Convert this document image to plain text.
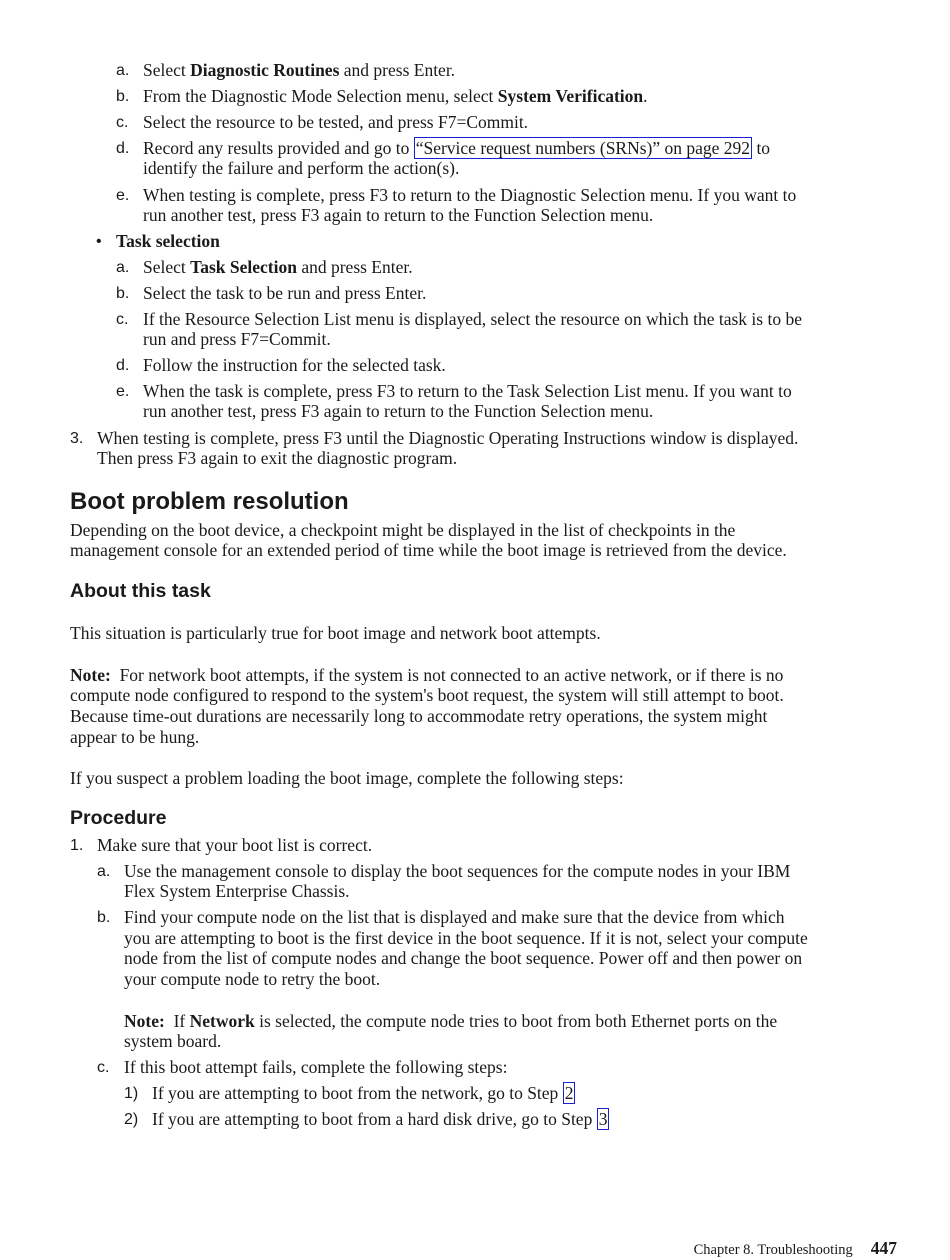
a. Select Diagnostic Routines and press Enter.
b. From the Diagnostic Mode Selection menu, select System Verification.
c. Select the resource to be tested, and press F7=Commit.
d. Record any results provided and go to “Service request numbers (SRNs)” on page 292 to
identify the failure and perform the action(s).
e. When testing is complete, press F3 to return to the Diagnostic Selection menu. If you want to
run another test, press F3 again to return to the Function Selection menu.
• Task selection
a. Select Task Selection and press Enter.
b. Select the task to be run and press Enter.
c. If the Resource Selection List menu is displayed, select the resource on which the task is to be
run and press F7=Commit.
d. Follow the instruction for the selected task.
e. When the task is complete, press F3 to return to the Task Selection List menu. If you want to
run another test, press F3 again to return to the Function Selection menu.
3. When testing is complete, press F3 until the Diagnostic Operating Instructions window is displayed.
Then press F3 again to exit the diagnostic program.
Boot problem resolution
Depending on the boot device, a checkpoint might be displayed in the list of checkpoints in the
management console for an extended period of time while the boot image is retrieved from the device.
About this task
This situation is particularly true for boot image and network boot attempts.
Note: For network boot attempts, if the system is not connected to an active network, or if there is no
compute node configured to respond to the system's boot request, the system will still attempt to boot.
Because time-out durations are necessarily long to accommodate retry operations, the system might
appear to be hung.
If you suspect a problem loading the boot image, complete the following steps:
Procedure
1. Make sure that your boot list is correct.
a. Use the management console to display the boot sequences for the compute nodes in your IBM
Flex System Enterprise Chassis.
b. Find your compute node on the list that is displayed and make sure that the device from which
you are attempting to boot is the first device in the boot sequence. If it is not, select your compute
node from the list of compute nodes and change the boot sequence. Power off and then power on
your compute node to retry the boot.
Note: If Network is selected, the compute node tries to boot from both Ethernet ports on the
system board.
c. If this boot attempt fails, complete the following steps:
1) If you are attempting to boot from the network, go to Step 2
2) If you are attempting to boot from a hard disk drive, go to Step 3
Chapter 8. Troubleshooting 447
